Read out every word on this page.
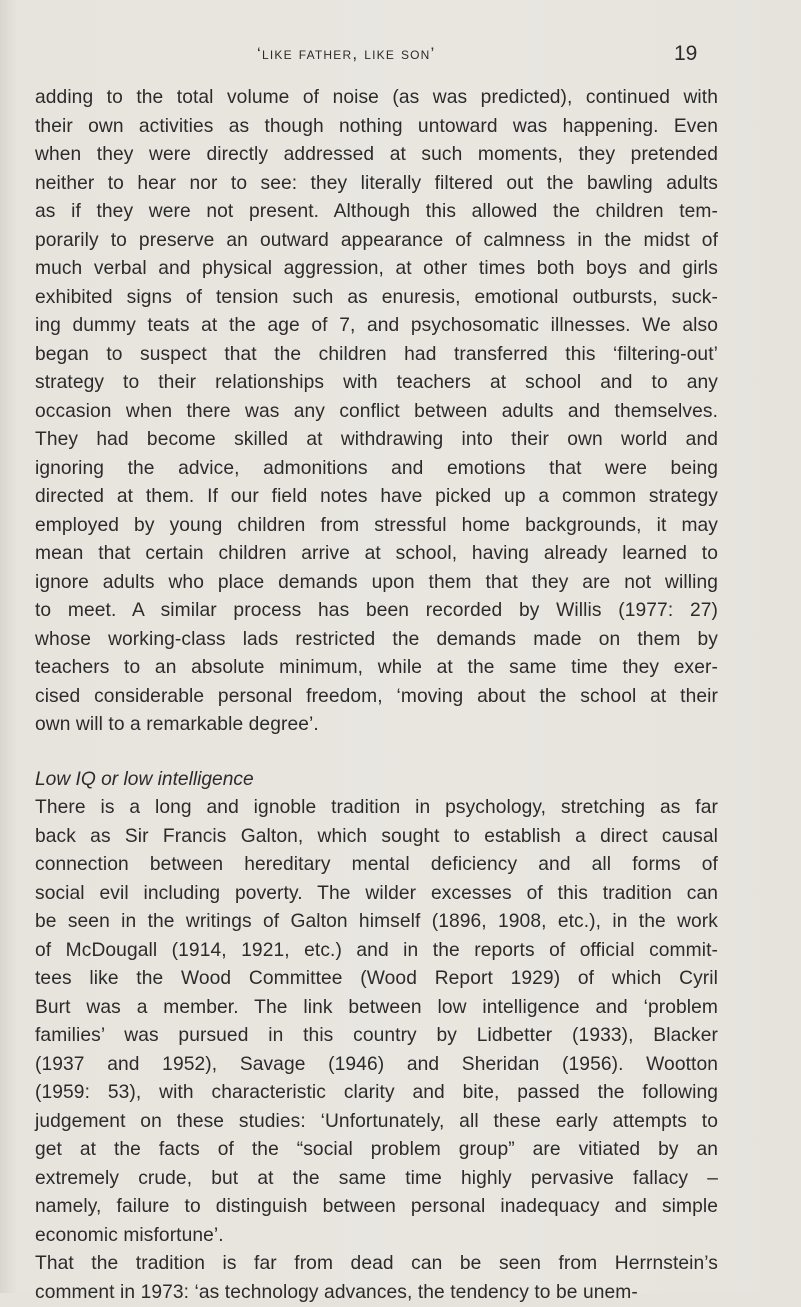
‘like father, like son’	19
adding to the total volume of noise (as was predicted), continued with
their own activities as though nothing untoward was happening. Even
when they were directly addressed at such moments, they pretended
neither to hear nor to see: they literally filtered out the bawling adults
as if they were not present. Although this allowed the children tem-
porarily to preserve an outward appearance of calmness in the midst of
much verbal and physical aggression, at other times both boys and girls
exhibited signs of tension such as enuresis, emotional outbursts, suck-
ing dummy teats at the age of 7, and psychosomatic illnesses. We also
began to suspect that the children had transferred this ‘filtering-out’
strategy to their relationships with teachers at school and to any
occasion when there was any conflict between adults and themselves.
They had become skilled at withdrawing into their own world and
ignoring the advice, admonitions and emotions that were being
directed at them. If our field notes have picked up a common strategy
employed by young children from stressful home backgrounds, it may
mean that certain children arrive at school, having already learned to
ignore adults who place demands upon them that they are not willing
to meet. A similar process has been recorded by Willis (1977: 27)
whose working-class lads restricted the demands made on them by
teachers to an absolute minimum, while at the same time they exer-
cised considerable personal freedom, ‘moving about the school at their
own will to a remarkable degree’.
Low IQ or low intelligence
There is a long and ignoble tradition in psychology, stretching as far
back as Sir Francis Galton, which sought to establish a direct causal
connection between hereditary mental deficiency and all forms of
social evil including poverty. The wilder excesses of this tradition can
be seen in the writings of Galton himself (1896, 1908, etc.), in the work
of McDougall (1914, 1921, etc.) and in the reports of official commit-
tees like the Wood Committee (Wood Report 1929) of which Cyril
Burt was a member. The link between low intelligence and ‘problem
families’ was pursued in this country by Lidbetter (1933), Blacker
(1937 and 1952), Savage (1946) and Sheridan (1956). Wootton
(1959: 53), with characteristic clarity and bite, passed the following
judgement on these studies: ‘Unfortunately, all these early attempts to
get at the facts of the “social problem group” are vitiated by an
extremely crude, but at the same time highly pervasive fallacy –
namely, failure to distinguish between personal inadequacy and simple
economic misfortune’.
That the tradition is far from dead can be seen from Herrnstein’s
comment in 1973: ‘as technology advances, the tendency to be unem-
